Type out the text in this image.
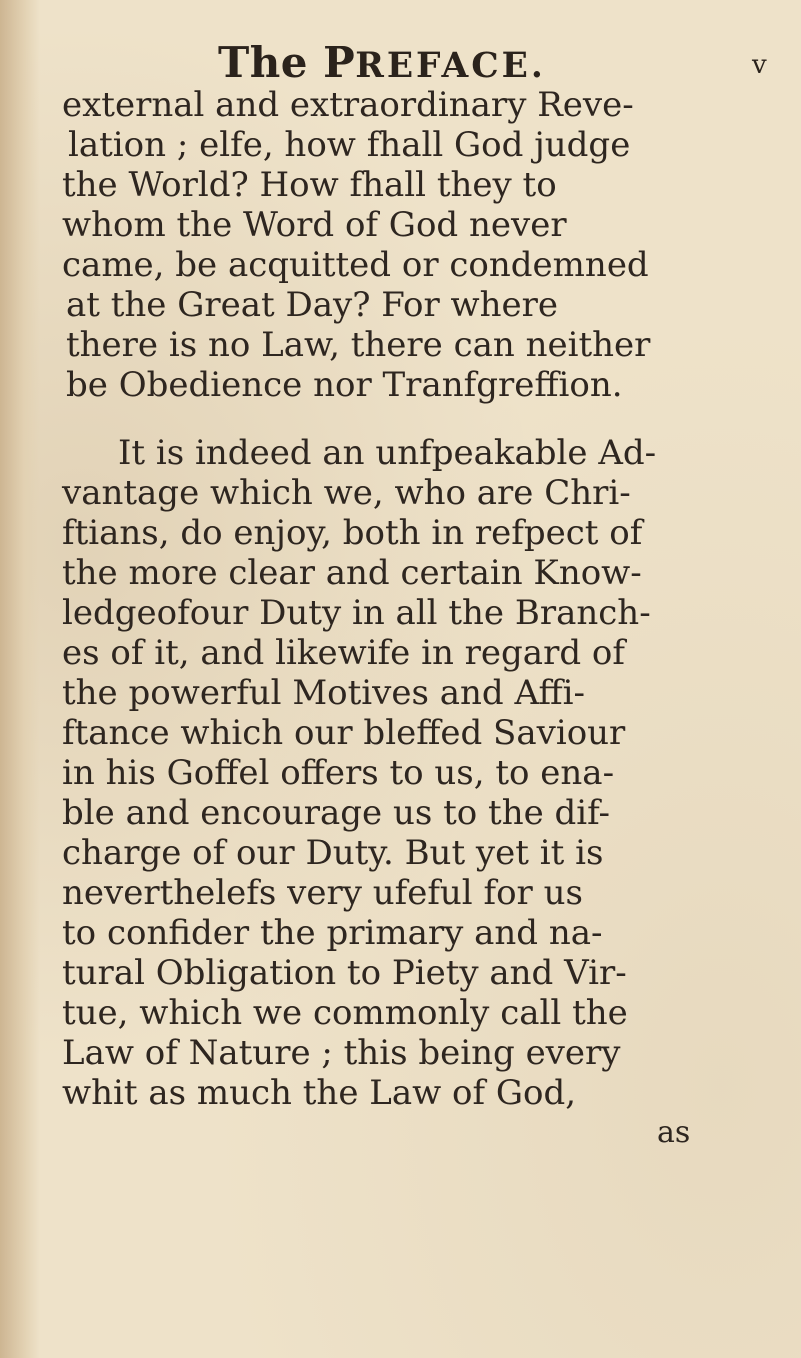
The PREFACE.	v
external and extraordinary Reve-
lation ; elfe, how fhall God judge
the World? How fhall they to
whom the Word of God never
came, be acquitted or condemned
at the Great Day? For where
there is no Law, there can neither
be Obedience nor Tranfgreffion.
It is indeed an unfpeakable Ad-
vantage which we, who are Chri-
ftians, do enjoy, both in refpect of
the more clear and certain Know-
ledgeofour Duty in all the Branch-
es of it, and likewife in regard of
the powerful Motives and Affi-
ftance which our bleffed Saviour
in his Goffel offers to us, to ena-
ble and encourage us to the dif-
charge of our Duty. But yet it is
neverthelefs very ufeful for us
to confider the primary and na-
tural Obligation to Piety and Vir-
tue, which we commonly call the
Law of Nature ; this being every
whit as much the Law of God,
as
